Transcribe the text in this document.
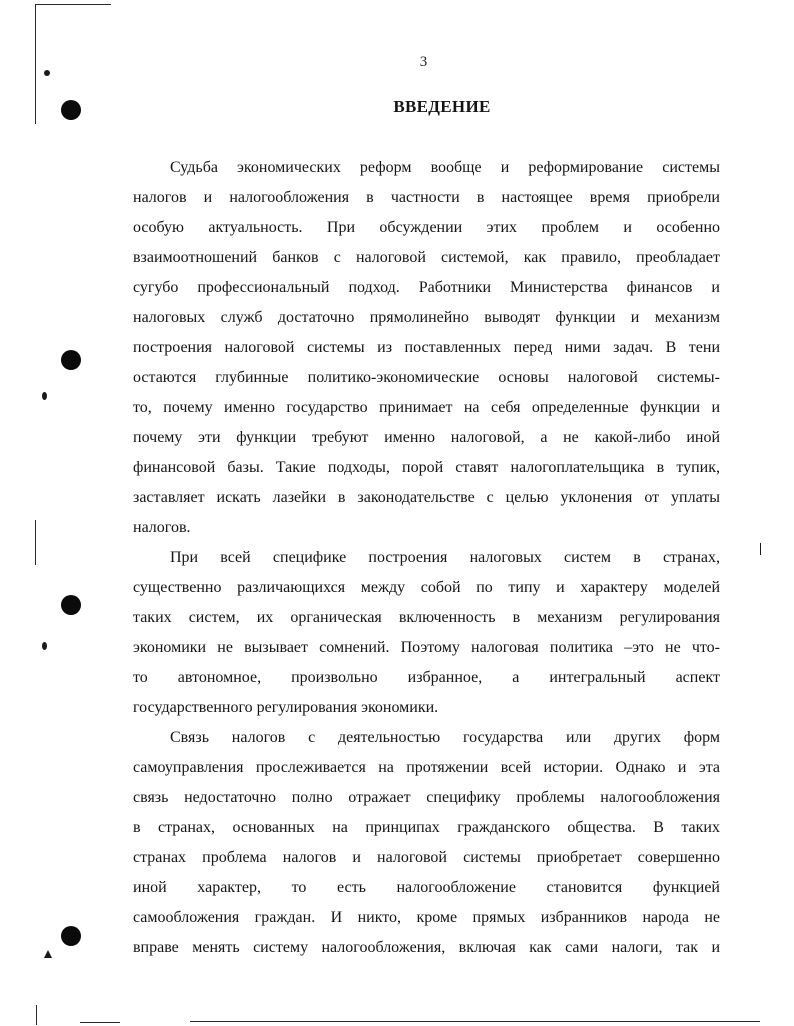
3
ВВЕДЕНИЕ
Судьба экономических реформ вообще и реформирование системы
налогов и налогообложения в частности в настоящее время приобрели
особую актуальность. При обсуждении этих проблем и особенно
взаимоотношений банков с налоговой системой, как правило, преобладает
сугубо профессиональный подход. Работники Министерства финансов и
налоговых служб достаточно прямолинейно выводят функции и механизм
построения налоговой системы из поставленных перед ними задач. В тени
остаются глубинные политико-экономические основы налоговой системы-
то, почему именно государство принимает на себя определенные функции и
почему эти функции требуют именно налоговой, а не какой-либо иной
финансовой базы. Такие подходы, порой ставят налогоплательщика в тупик,
заставляет искать лазейки в законодательстве с целью уклонения от уплаты
налогов.
При всей специфике построения налоговых систем в странах,
существенно различающихся между собой по типу и характеру моделей
таких систем, их органическая включенность в механизм регулирования
экономики не вызывает сомнений. Поэтому налоговая политика –это не что-
то автономное, произвольно избранное, а интегральный аспект
государственного регулирования экономики.
Связь налогов с деятельностью государства или других форм
самоуправления прослеживается на протяжении всей истории. Однако и эта
связь недостаточно полно отражает специфику проблемы налогообложения
в странах, основанных на принципах гражданского общества. В таких
странах проблема налогов и налоговой системы приобретает совершенно
иной характер, то есть налогообложение становится функцией
самообложения граждан. И никто, кроме прямых избранников народа не
вправе менять систему налогообложения, включая как сами налоги, так и
